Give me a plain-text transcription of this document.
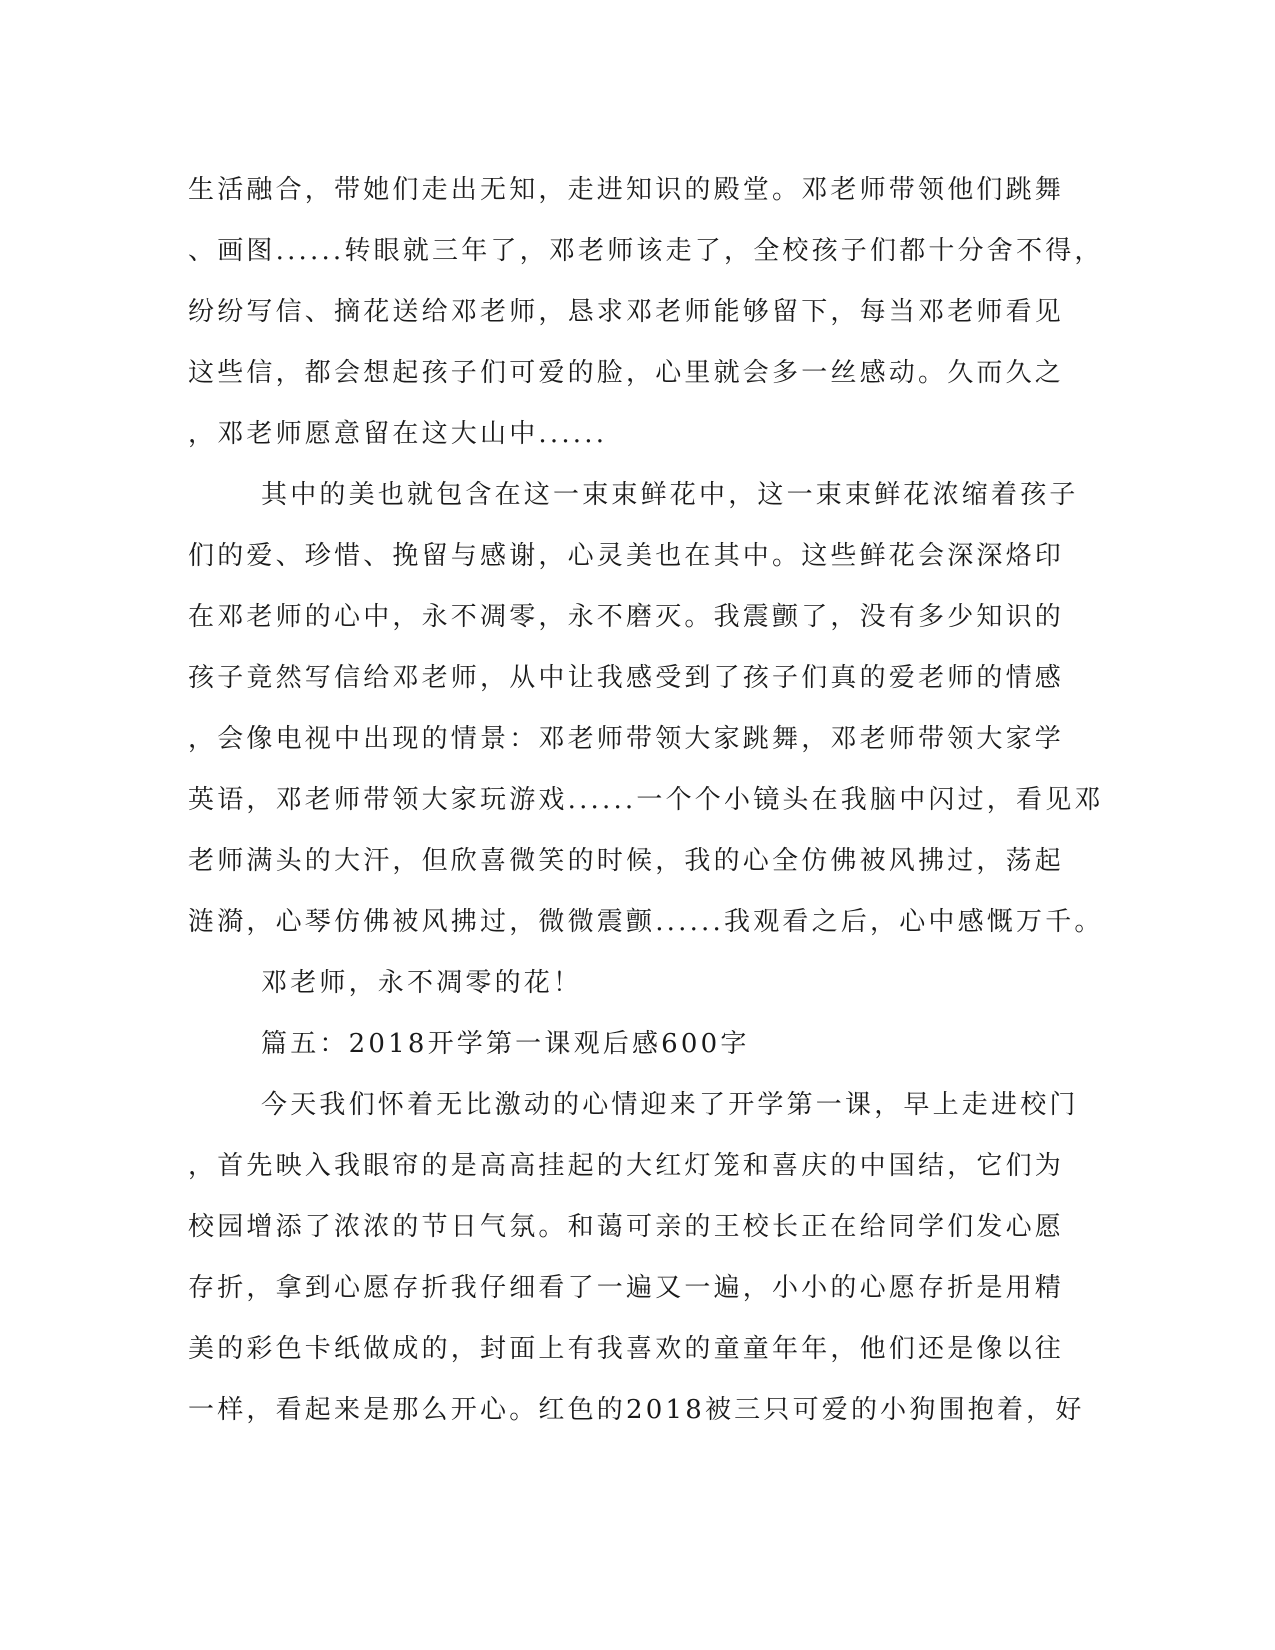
生活融合，带她们走出无知，走进知识的殿堂。邓老师带领他们跳舞
、画图......转眼就三年了，邓老师该走了，全校孩子们都十分舍不得，
纷纷写信、摘花送给邓老师，恳求邓老师能够留下，每当邓老师看见
这些信，都会想起孩子们可爱的脸，心里就会多一丝感动。久而久之
，邓老师愿意留在这大山中......
其中的美也就包含在这一束束鲜花中，这一束束鲜花浓缩着孩子
们的爱、珍惜、挽留与感谢，心灵美也在其中。这些鲜花会深深烙印
在邓老师的心中，永不凋零，永不磨灭。我震颤了，没有多少知识的
孩子竟然写信给邓老师，从中让我感受到了孩子们真的爱老师的情感
，会像电视中出现的情景：邓老师带领大家跳舞，邓老师带领大家学
英语，邓老师带领大家玩游戏......一个个小镜头在我脑中闪过，看见邓
老师满头的大汗，但欣喜微笑的时候，我的心全仿佛被风拂过，荡起
涟漪，心琴仿佛被风拂过，微微震颤......我观看之后，心中感慨万千。
邓老师，永不凋零的花！
篇五：2018开学第一课观后感600字
今天我们怀着无比激动的心情迎来了开学第一课，早上走进校门
，首先映入我眼帘的是高高挂起的大红灯笼和喜庆的中国结，它们为
校园增添了浓浓的节日气氛。和蔼可亲的王校长正在给同学们发心愿
存折，拿到心愿存折我仔细看了一遍又一遍，小小的心愿存折是用精
美的彩色卡纸做成的，封面上有我喜欢的童童年年，他们还是像以往
一样，看起来是那么开心。红色的2018被三只可爱的小狗围抱着，好
